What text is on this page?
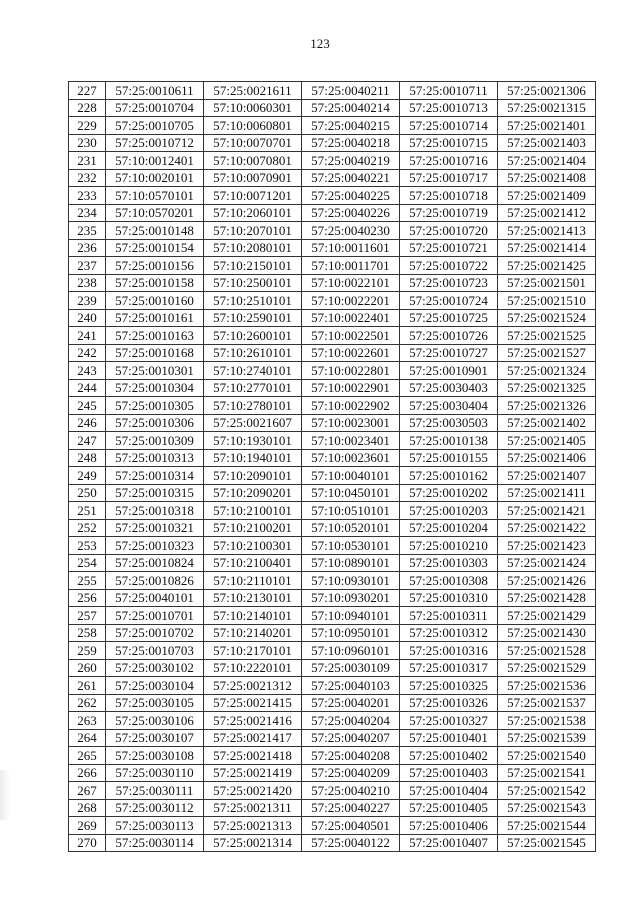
123
227	57:25:0010611	57:25:0021611	57:25:0040211	57:25:0010711	57:25:0021306
228	57:25:0010704	57:10:0060301	57:25:0040214	57:25:0010713	57:25:0021315
229	57:25:0010705	57:10:0060801	57:25:0040215	57:25:0010714	57:25:0021401
230	57:25:0010712	57:10:0070701	57:25:0040218	57:25:0010715	57:25:0021403
231	57:10:0012401	57:10:0070801	57:25:0040219	57:25:0010716	57:25:0021404
232	57:10:0020101	57:10:0070901	57:25:0040221	57:25:0010717	57:25:0021408
233	57:10:0570101	57:10:0071201	57:25:0040225	57:25:0010718	57:25:0021409
234	57:10:0570201	57:10:2060101	57:25:0040226	57:25:0010719	57:25:0021412
235	57:25:0010148	57:10:2070101	57:25:0040230	57:25:0010720	57:25:0021413
236	57:25:0010154	57:10:2080101	57:10:0011601	57:25:0010721	57:25:0021414
237	57:25:0010156	57:10:2150101	57:10:0011701	57:25:0010722	57:25:0021425
238	57:25:0010158	57:10:2500101	57:10:0022101	57:25:0010723	57:25:0021501
239	57:25:0010160	57:10:2510101	57:10:0022201	57:25:0010724	57:25:0021510
240	57:25:0010161	57:10:2590101	57:10:0022401	57:25:0010725	57:25:0021524
241	57:25:0010163	57:10:2600101	57:10:0022501	57:25:0010726	57:25:0021525
242	57:25:0010168	57:10:2610101	57:10:0022601	57:25:0010727	57:25:0021527
243	57:25:0010301	57:10:2740101	57:10:0022801	57:25:0010901	57:25:0021324
244	57:25:0010304	57:10:2770101	57:10:0022901	57:25:0030403	57:25:0021325
245	57:25:0010305	57:10:2780101	57:10:0022902	57:25:0030404	57:25:0021326
246	57:25:0010306	57:25:0021607	57:10:0023001	57:25:0030503	57:25:0021402
247	57:25:0010309	57:10:1930101	57:10:0023401	57:25:0010138	57:25:0021405
248	57:25:0010313	57:10:1940101	57:10:0023601	57:25:0010155	57:25:0021406
249	57:25:0010314	57:10:2090101	57:10:0040101	57:25:0010162	57:25:0021407
250	57:25:0010315	57:10:2090201	57:10:0450101	57:25:0010202	57:25:0021411
251	57:25:0010318	57:10:2100101	57:10:0510101	57:25:0010203	57:25:0021421
252	57:25:0010321	57:10:2100201	57:10:0520101	57:25:0010204	57:25:0021422
253	57:25:0010323	57:10:2100301	57:10:0530101	57:25:0010210	57:25:0021423
254	57:25:0010824	57:10:2100401	57:10:0890101	57:25:0010303	57:25:0021424
255	57:25:0010826	57:10:2110101	57:10:0930101	57:25:0010308	57:25:0021426
256	57:25:0040101	57:10:2130101	57:10:0930201	57:25:0010310	57:25:0021428
257	57:25:0010701	57:10:2140101	57:10:0940101	57:25:0010311	57:25:0021429
258	57:25:0010702	57:10:2140201	57:10:0950101	57:25:0010312	57:25:0021430
259	57:25:0010703	57:10:2170101	57:10:0960101	57:25:0010316	57:25:0021528
260	57:25:0030102	57:10:2220101	57:25:0030109	57:25:0010317	57:25:0021529
261	57:25:0030104	57:25:0021312	57:25:0040103	57:25:0010325	57:25:0021536
262	57:25:0030105	57:25:0021415	57:25:0040201	57:25:0010326	57:25:0021537
263	57:25:0030106	57:25:0021416	57:25:0040204	57:25:0010327	57:25:0021538
264	57:25:0030107	57:25:0021417	57:25:0040207	57:25:0010401	57:25:0021539
265	57:25:0030108	57:25:0021418	57:25:0040208	57:25:0010402	57:25:0021540
266	57:25:0030110	57:25:0021419	57:25:0040209	57:25:0010403	57:25:0021541
267	57:25:0030111	57:25:0021420	57:25:0040210	57:25:0010404	57:25:0021542
268	57:25:0030112	57:25:0021311	57:25:0040227	57:25:0010405	57:25:0021543
269	57:25:0030113	57:25:0021313	57:25:0040501	57:25:0010406	57:25:0021544
270	57:25:0030114	57:25:0021314	57:25:0040122	57:25:0010407	57:25:0021545
